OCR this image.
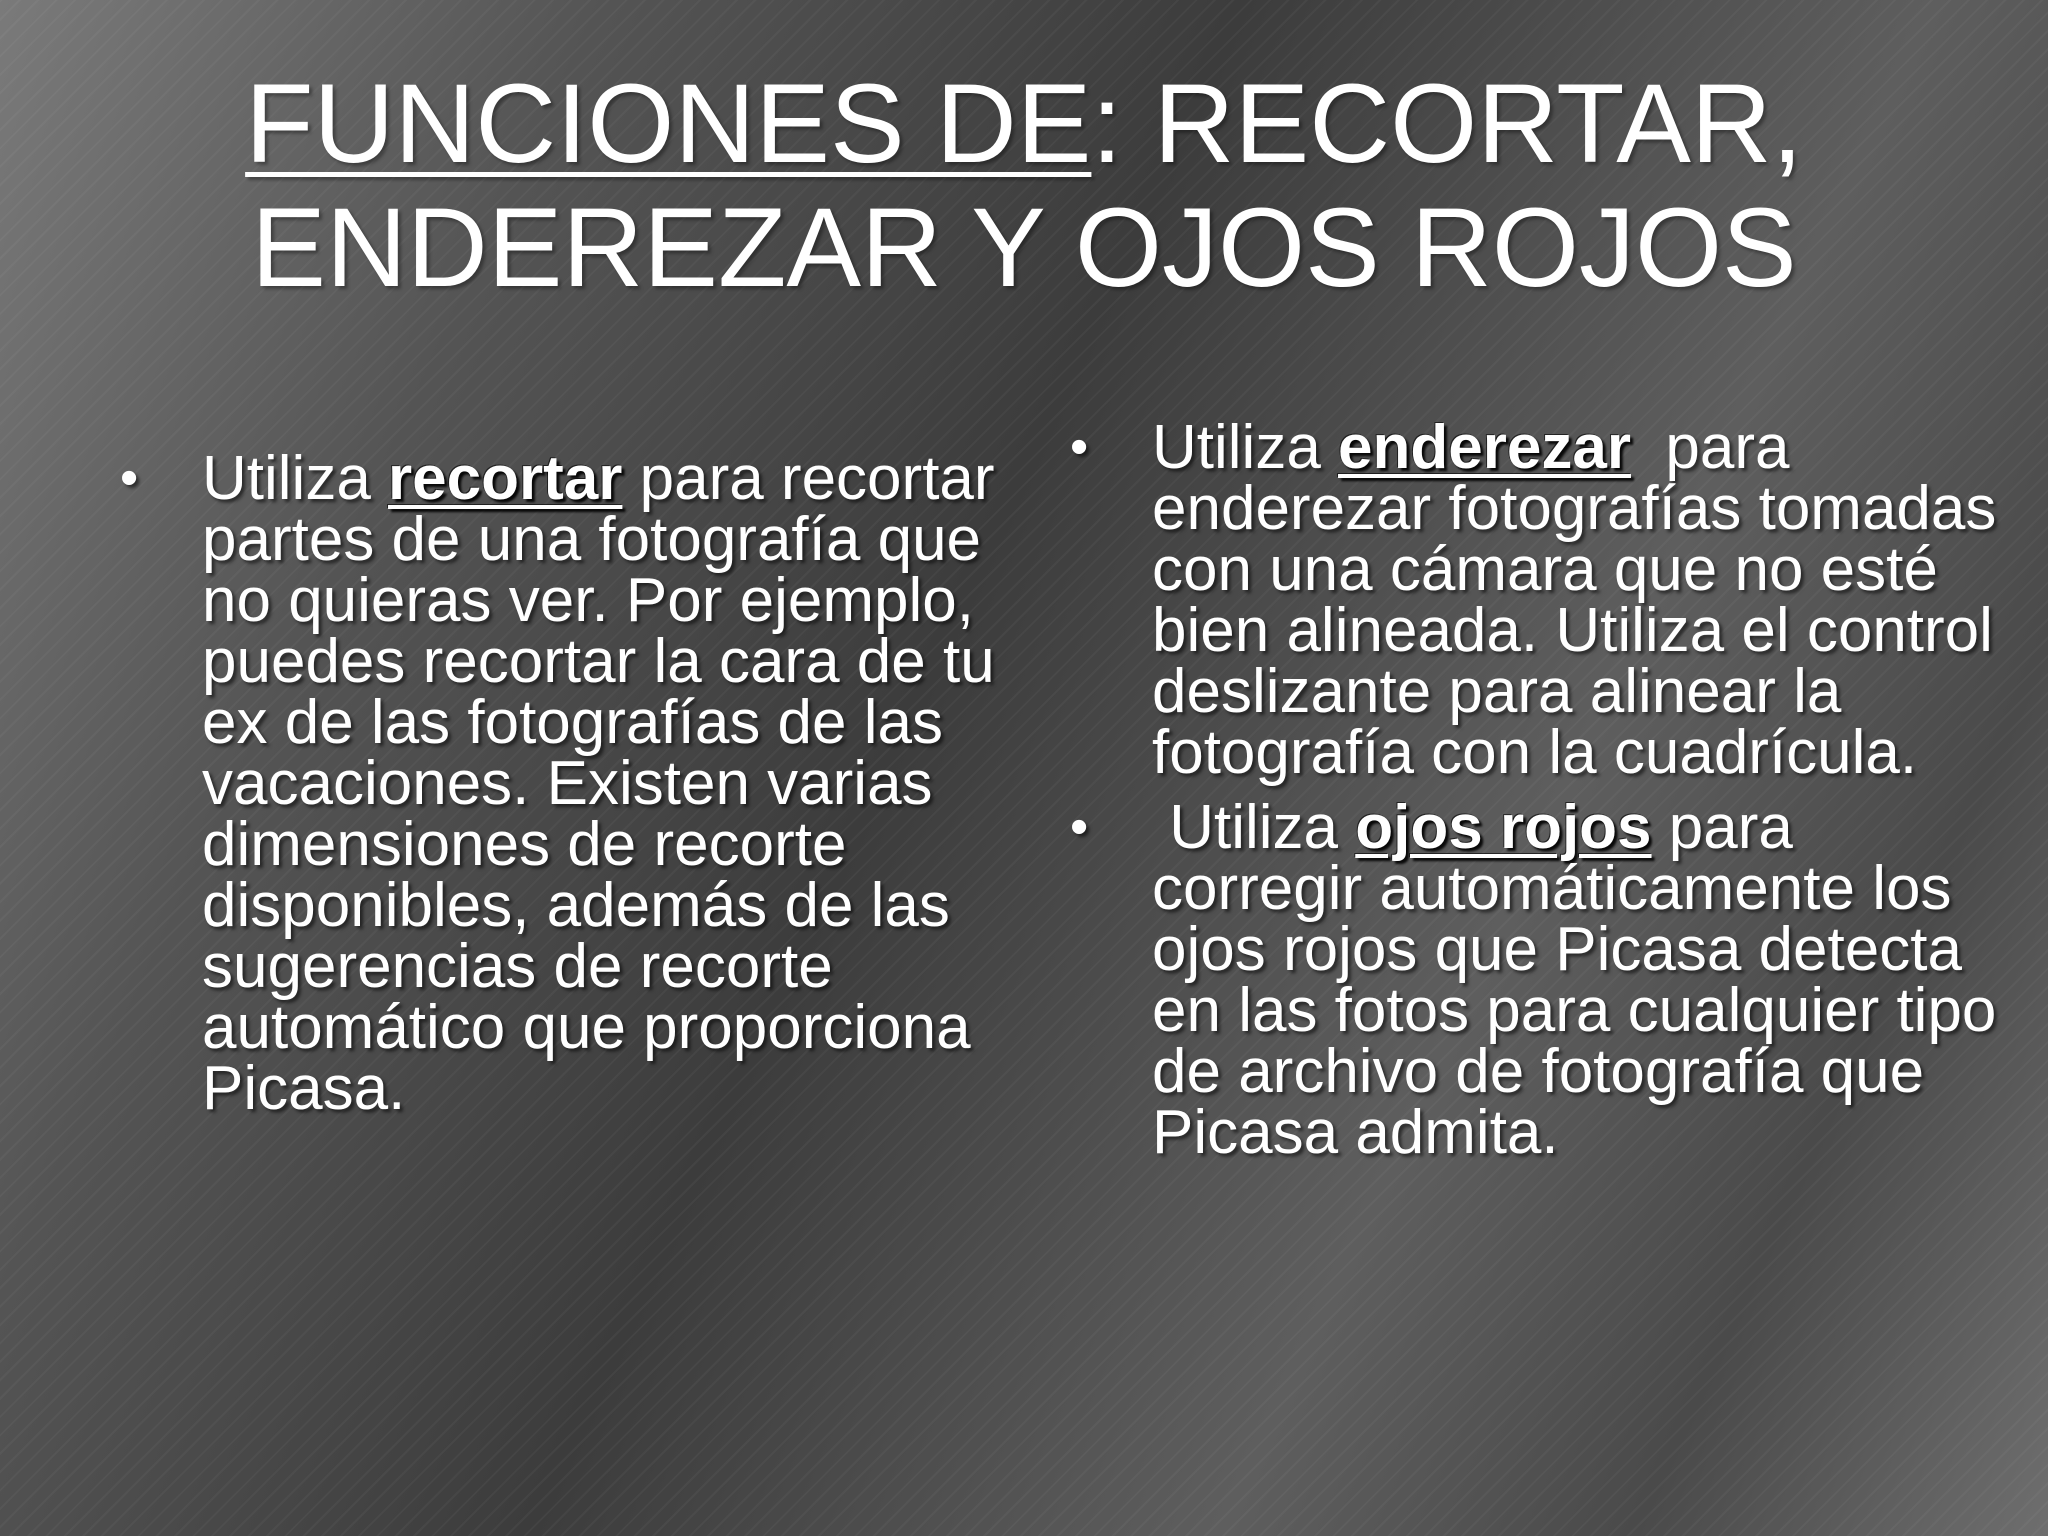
FUNCIONES DE: RECORTAR, ENDEREZAR Y OJOS ROJOS
• Utiliza recortar para recortar partes de una fotografía que no quieras ver. Por ejemplo, puedes recortar la cara de tu ex de las fotografías de las vacaciones. Existen varias dimensiones de recorte disponibles, además de las sugerencias de recorte automático que proporciona Picasa.
• Utiliza enderezar  para enderezar fotografías tomadas con una cámara que no esté bien alineada. Utiliza el control deslizante para alinear la fotografía con la cuadrícula.
• Utiliza ojos rojos para corregir automáticamente los ojos rojos que Picasa detecta en las fotos para cualquier tipo de archivo de fotografía que Picasa admita.
